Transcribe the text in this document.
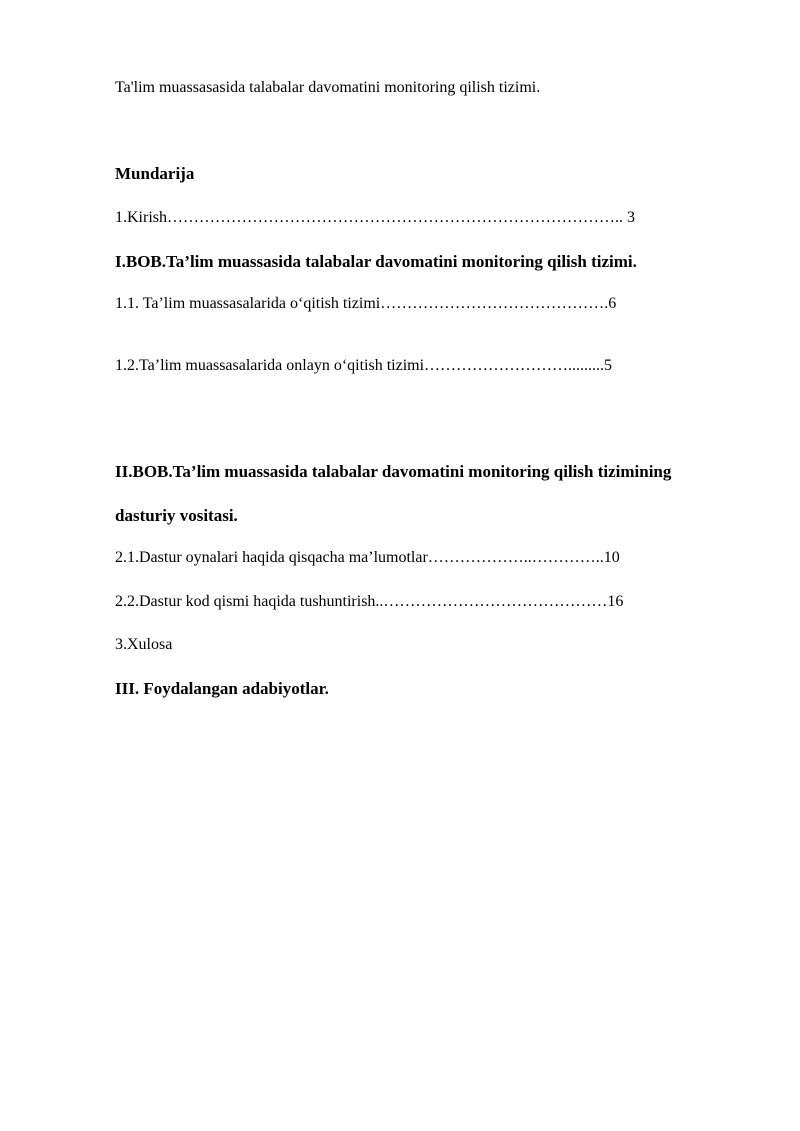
Ta'lim muassasasida talabalar davomatini monitoring qilish tizimi.
Mundarija
1.Kirish………………………………………………………………………….. 3
I.BOB.Ta’lim muassasida talabalar davomatini monitoring qilish tizimi.
1.1. Ta’lim muassasalarida o‘qitish tizimi…………………………………….6
1.2.Ta’lim muassasalarida onlayn o‘qitish tizimi……………………….........5
II.BOB.Ta’lim muassasida talabalar davomatini monitoring qilish tizimining
dasturiy vositasi.
2.1.Dastur oynalari haqida qisqacha ma’lumotlar………………..…………..10
2.2.Dastur kod qismi haqida tushuntirish..……………………………………16
3.Xulosa
III. Foydalangan adabiyotlar.
